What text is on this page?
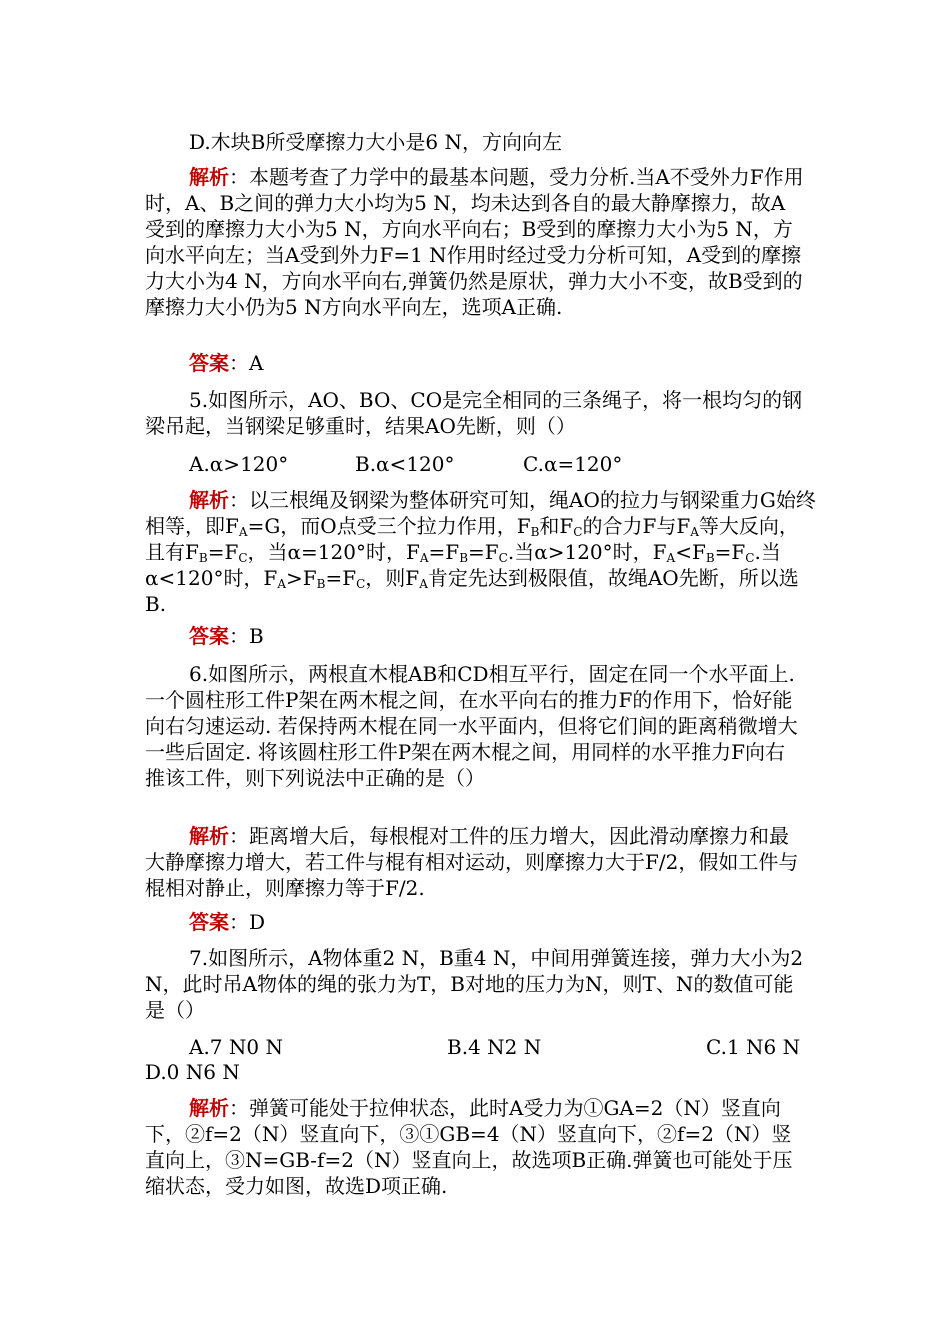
D.木块B所受摩擦力大小是6 N，方向向左

解析：本题考查了力学中的最基本问题，受力分析.当A不受外力F作用时，A、B之间的弹力大小均为5 N，均未达到各自的最大静摩擦力，故A受到的摩擦力大小为5 N，方向水平向右；B受到的摩擦力大小为5 N，方向水平向左；当A受到外力F=1 N作用时经过受力分析可知，A受到的摩擦力大小为4 N，方向水平向右,弹簧仍然是原状，弹力大小不变，故B受到的摩擦力大小仍为5 N方向水平向左，选项A正确.

答案：A

5.如图所示，AO、BO、CO是完全相同的三条绳子，将一根均匀的钢梁吊起，当钢梁足够重时，结果AO先断，则（）

A.α>120°	B.α<120°	C.α=120°

解析：以三根绳及钢梁为整体研究可知，绳AO的拉力与钢梁重力G始终相等，即$F_A=G$，而O点受三个拉力作用，$F_B$和$F_C$的合力F与$F_A$等大反向，且有$F_B=F_C$，当α=120°时，$F_A=F_B=F_C$.当α>120°时，$F_A<F_B=F_C$.当α<120°时，$F_A>F_B=F_C$，则$F_A$肯定先达到极限值，故绳AO先断，所以选B.

答案：B

6.如图所示，两根直木棍AB和CD相互平行，固定在同一个水平面上. 一个圆柱形工件P架在两木棍之间，在水平向右的推力F的作用下，恰好能向右匀速运动. 若保持两木棍在同一水平面内，但将它们间的距离稍微增大一些后固定. 将该圆柱形工件P架在两木棍之间，用同样的水平推力F向右推该工件，则下列说法中正确的是（）

解析：距离增大后，每根棍对工件的压力增大，因此滑动摩擦力和最大静摩擦力增大，若工件与棍有相对运动，则摩擦力大于F/2，假如工件与棍相对静止，则摩擦力等于F/2.

答案：D

7.如图所示，A物体重2 N，B重4 N，中间用弹簧连接，弹力大小为2 N，此时吊A物体的绳的张力为T，B对地的压力为N，则T、N的数值可能是（）

A.7 N0 N	B.4 N2 N	C.1 N6 N
D.0 N6 N

解析：弹簧可能处于拉伸状态，此时A受力为①GA=2（N）竖直向下，②f=2（N）竖直向下，③①GB=4（N）竖直向下，②f=2（N）竖直向上，③N=GB-f=2（N）竖直向上，故选项B正确.弹簧也可能处于压缩状态，受力如图，故选D项正确.
